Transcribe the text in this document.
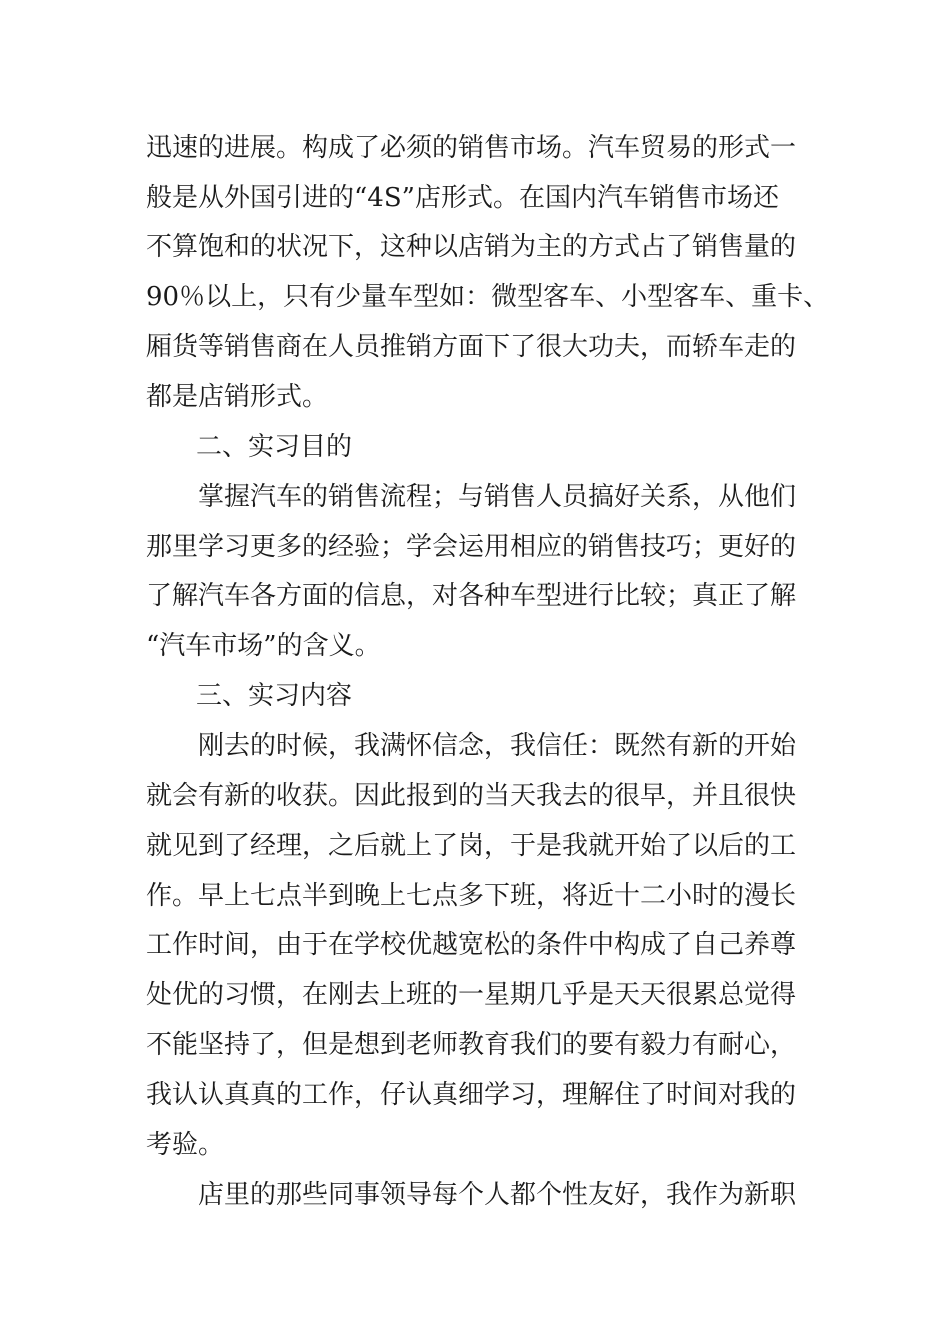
迅速的进展。构成了必须的销售市场。汽车贸易的形式一
般是从外国引进的“4S”店形式。在国内汽车销售市场还
不算饱和的状况下，这种以店销为主的方式占了销售量的
90％以上，只有少量车型如：微型客车、小型客车、重卡、
厢货等销售商在人员推销方面下了很大功夫，而轿车走的
都是店销形式。
二、实习目的
掌握汽车的销售流程；与销售人员搞好关系，从他们
那里学习更多的经验；学会运用相应的销售技巧；更好的
了解汽车各方面的信息，对各种车型进行比较；真正了解
“汽车市场”的含义。
三、实习内容
刚去的时候，我满怀信念，我信任：既然有新的开始
就会有新的收获。因此报到的当天我去的很早，并且很快
就见到了经理，之后就上了岗，于是我就开始了以后的工
作。早上七点半到晚上七点多下班，将近十二小时的漫长
工作时间，由于在学校优越宽松的条件中构成了自己养尊
处优的习惯，在刚去上班的一星期几乎是天天很累总觉得
不能坚持了，但是想到老师教育我们的要有毅力有耐心，
我认认真真的工作，仔认真细学习，理解住了时间对我的
考验。
店里的那些同事领导每个人都个性友好，我作为新职
